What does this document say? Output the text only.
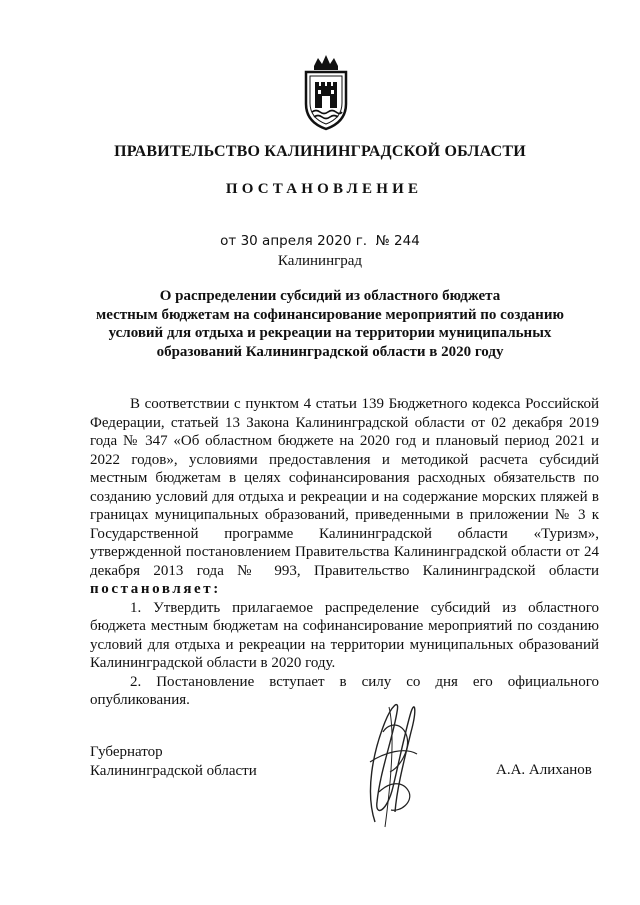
ПРАВИТЕЛЬСТВО КАЛИНИНГРАДСКОЙ ОБЛАСТИ
ПОСТАНОВЛЕНИЕ
от 30 апреля 2020 г. № 244
Калининград
О распределении субсидий из областного бюджета
местным бюджетам на софинансирование мероприятий по созданию
условий для отдыха и рекреации на территории муниципальных
образований Калининградской области в 2020 году

В соответствии с пунктом 4 статьи 139 Бюджетного кодекса Российской Федерации, статьей 13 Закона Калининградской области от 02 декабря 2019 года № 347 «Об областном бюджете на 2020 год и плановый период 2021 и 2022 годов», условиями предоставления и методикой расчета субсидий местным бюджетам в целях софинансирования расходных обязательств по созданию условий для отдыха и рекреации и на содержание морских пляжей в границах муниципальных образований, приведенными в приложении № 3 к Государственной программе Калининградской области «Туризм», утвержденной постановлением Правительства Калининградской области от 24 декабря 2013 года № 993, Правительство Калининградской области постановляет:

1. Утвердить прилагаемое распределение субсидий из областного бюджета местным бюджетам на софинансирование мероприятий по созданию условий для отдыха и рекреации на территории муниципальных образований Калининградской области в 2020 году.

2. Постановление вступает в силу со дня его официального опубликования.

Губернатор
Калининградской области	А.А. Алиханов
